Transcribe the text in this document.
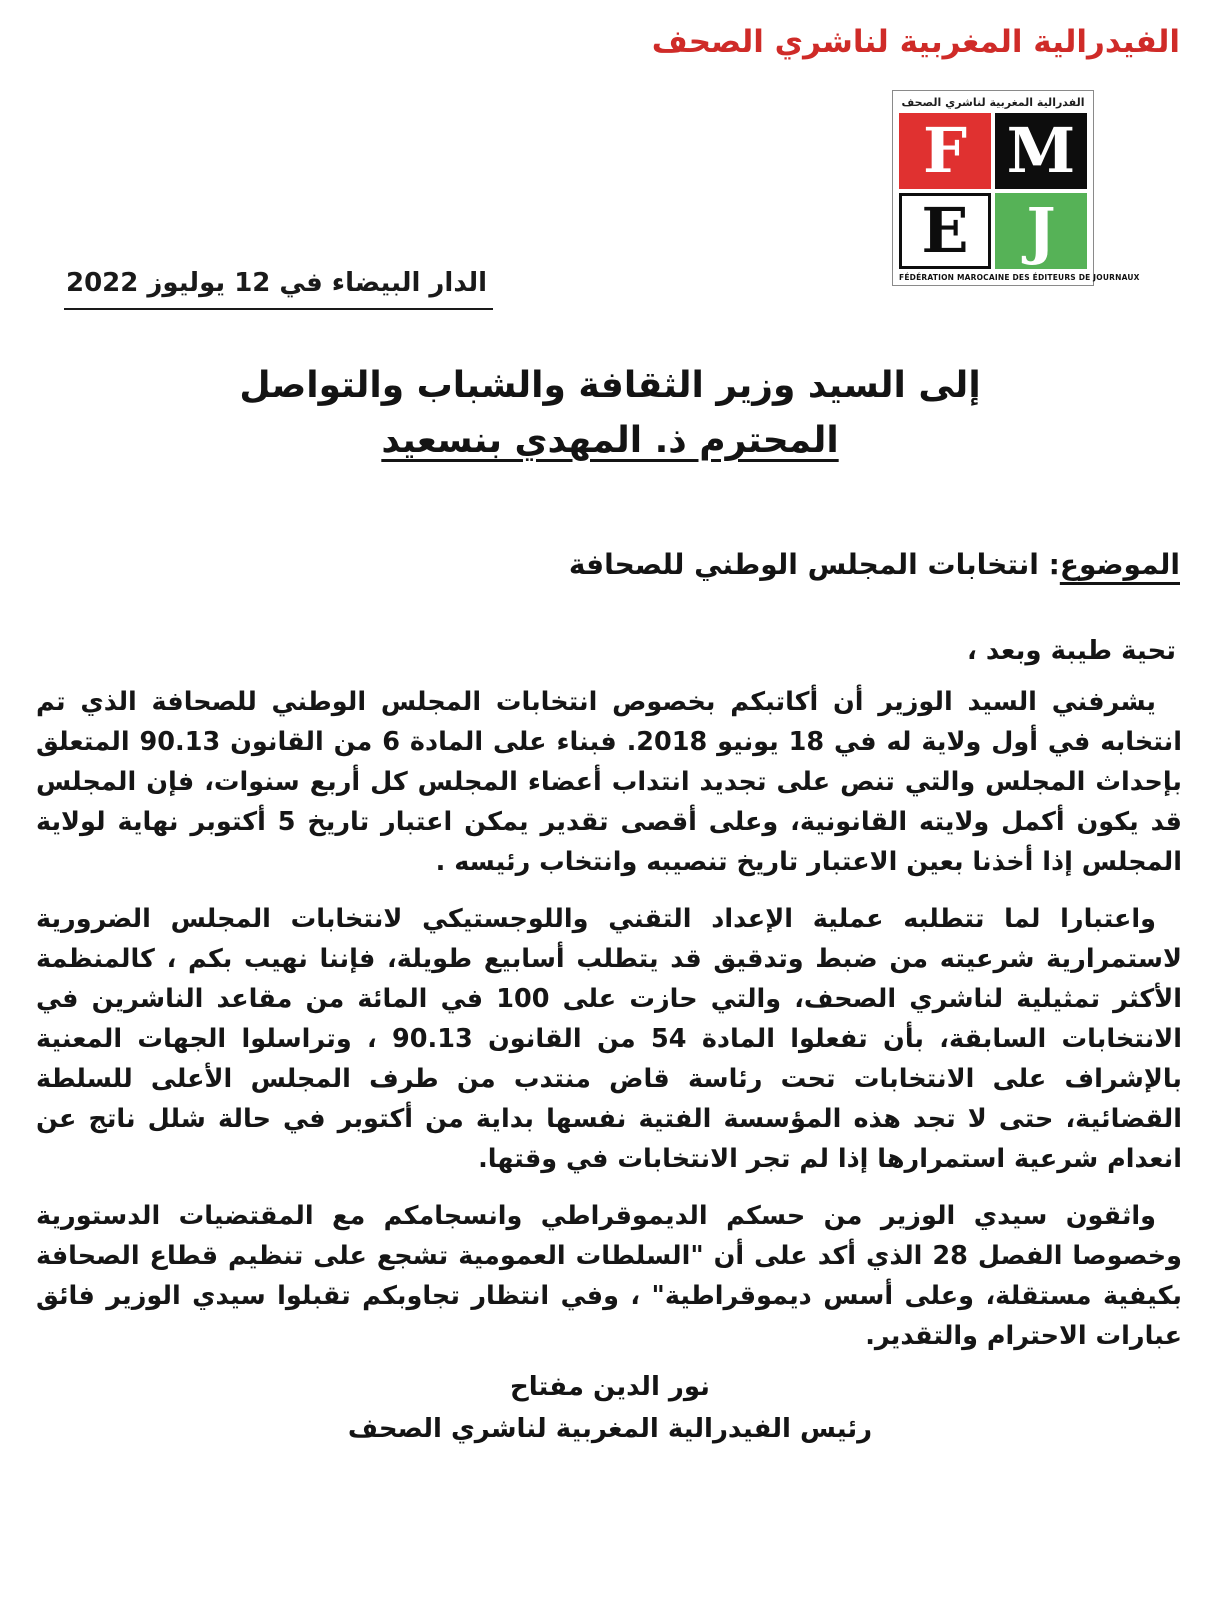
الفيدرالية المغربية لناشري الصحف
الفدرالية المغربية لناشري الصحف
F M
E J
FÉDÉRATION MAROCAINE DES ÉDITEURS DE JOURNAUX
الدار البيضاء في 12 يوليوز 2022
إلى السيد وزير الثقافة والشباب والتواصل
المحترم ذ. المهدي بنسعيد
الموضوع: انتخابات المجلس الوطني للصحافة
تحية طيبة وبعد ،

يشرفني السيد الوزير أن أكاتبكم بخصوص انتخابات المجلس الوطني للصحافة الذي تم انتخابه في أول ولاية له في 18 يونيو 2018. فبناء على المادة 6 من القانون 90.13 المتعلق بإحداث المجلس والتي تنص على تجديد انتداب أعضاء المجلس كل أربع سنوات، فإن المجلس قد يكون أكمل ولايته القانونية، وعلى أقصى تقدير يمكن اعتبار تاريخ 5 أكتوبر نهاية لولاية المجلس إذا أخذنا بعين الاعتبار تاريخ تنصيبه وانتخاب رئيسه .

واعتبارا لما تتطلبه عملية الإعداد التقني واللوجستيكي لانتخابات المجلس الضرورية لاستمرارية شرعيته من ضبط وتدقيق قد يتطلب أسابيع طويلة، فإننا نهيب بكم ، كالمنظمة الأكثر تمثيلية لناشري الصحف، والتي حازت على 100 في المائة من مقاعد الناشرين في الانتخابات السابقة، بأن تفعلوا المادة 54 من القانون 90.13 ، وتراسلوا الجهات المعنية بالإشراف على الانتخابات تحت رئاسة قاض منتدب من طرف المجلس الأعلى للسلطة القضائية، حتى لا تجد هذه المؤسسة الفتية نفسها بداية من أكتوبر في حالة شلل ناتج عن انعدام شرعية استمرارها إذا لم تجر الانتخابات في وقتها.

واثقون سيدي الوزير من حسكم الديموقراطي وانسجامكم مع المقتضيات الدستورية وخصوصا الفصل 28 الذي أكد على أن "السلطات العمومية تشجع على تنظيم قطاع الصحافة بكيفية مستقلة، وعلى أسس ديموقراطية" ، وفي انتظار تجاوبكم تقبلوا سيدي الوزير فائق عبارات الاحترام والتقدير.

نور الدين مفتاح
رئيس الفيدرالية المغربية لناشري الصحف
